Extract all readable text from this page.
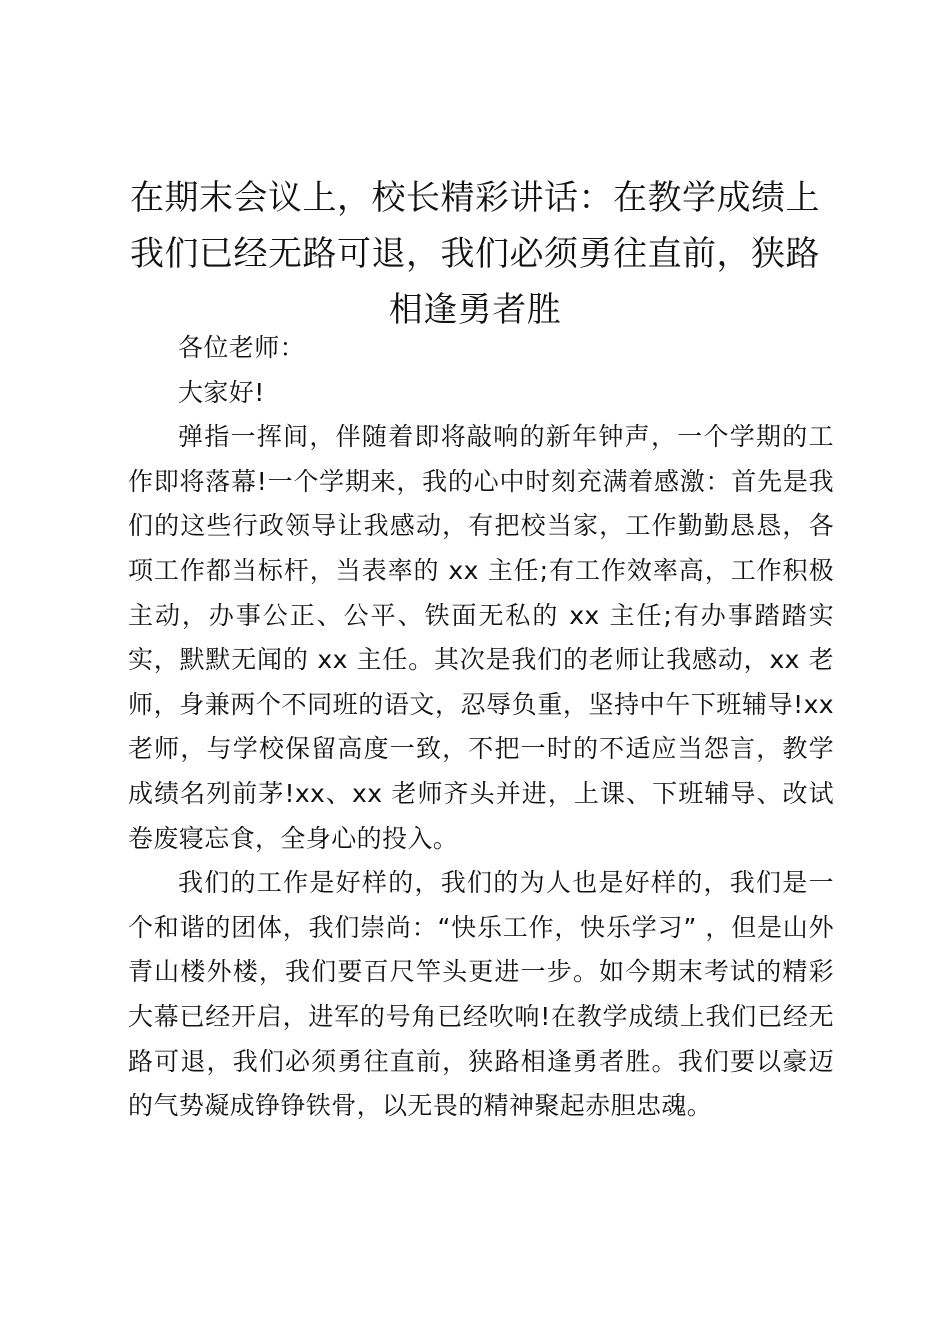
在期末会议上，校长精彩讲话：在教学成绩上我们已经无路可退，我们必须勇往直前，狭路相逢勇者胜

各位老师：

大家好!

弹指一挥间，伴随着即将敲响的新年钟声，一个学期的工作即将落幕!一个学期来，我的心中时刻充满着感激：首先是我们的这些行政领导让我感动，有把校当家，工作勤勤恳恳，各项工作都当标杆，当表率的 xx 主任;有工作效率高，工作积极主动，办事公正、公平、铁面无私的 xx 主任;有办事踏踏实实，默默无闻的 xx 主任。其次是我们的老师让我感动，xx 老师，身兼两个不同班的语文，忍辱负重，坚持中午下班辅导!xx 老师，与学校保留高度一致，不把一时的不适应当怨言，教学成绩名列前茅!xx、xx 老师齐头并进，上课、下班辅导、改试卷废寝忘食，全身心的投入。

我们的工作是好样的，我们的为人也是好样的，我们是一个和谐的团体，我们崇尚：“快乐工作，快乐学习” ，但是山外青山楼外楼，我们要百尺竿头更进一步。如今期末考试的精彩大幕已经开启，进军的号角已经吹响!在教学成绩上我们已经无路可退，我们必须勇往直前，狭路相逢勇者胜。我们要以豪迈的气势凝成铮铮铁骨，以无畏的精神聚起赤胆忠魂。
